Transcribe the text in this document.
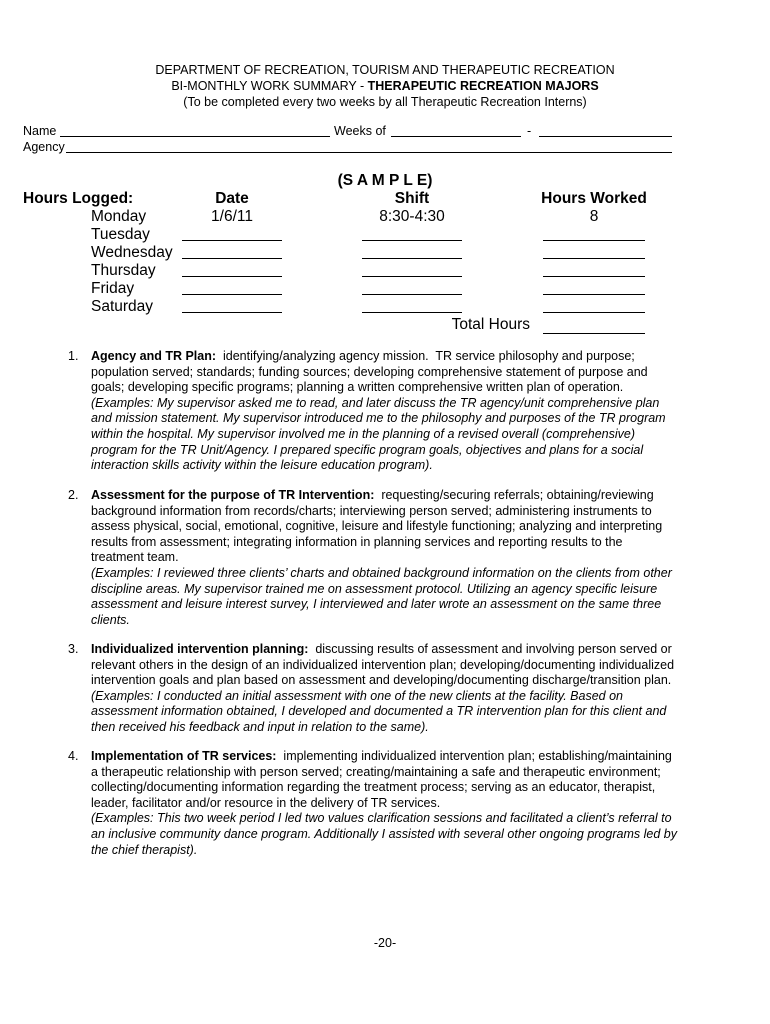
DEPARTMENT OF RECREATION, TOURISM AND THERAPEUTIC RECREATION
BI-MONTHLY WORK SUMMARY - THERAPEUTIC RECREATION MAJORS
(To be completed every two weeks by all Therapeutic Recreation Interns)
Name	Weeks of	-
Agency
(S A M P L E)
Hours Logged:	Date	Shift	Hours Worked
Monday	1/6/11	8:30-4:30	8
Tuesday
Wednesday
Thursday
Friday
Saturday
Total Hours
1. Agency and TR Plan:  identifying/analyzing agency mission.  TR service philosophy and purpose;
population served; standards; funding sources; developing comprehensive statement of purpose and
goals; developing specific programs; planning a written comprehensive written plan of operation.
(Examples: My supervisor asked me to read, and later discuss the TR agency/unit comprehensive plan
and mission statement. My supervisor introduced me to the philosophy and purposes of the TR program
within the hospital. My supervisor involved me in the planning of a revised overall (comprehensive)
program for the TR Unit/Agency. I prepared specific program goals, objectives and plans for a social
interaction skills activity within the leisure education program).
2. Assessment for the purpose of TR Intervention:  requesting/securing referrals; obtaining/reviewing
background information from records/charts; interviewing person served; administering instruments to
assess physical, social, emotional, cognitive, leisure and lifestyle functioning; analyzing and interpreting
results from assessment; integrating information in planning services and reporting results to the
treatment team.
(Examples: I reviewed three clients’ charts and obtained background information on the clients from other
discipline areas. My supervisor trained me on assessment protocol. Utilizing an agency specific leisure
assessment and leisure interest survey, I interviewed and later wrote an assessment on the same three
clients.
3. Individualized intervention planning:  discussing results of assessment and involving person served or
relevant others in the design of an individualized intervention plan; developing/documenting individualized
intervention goals and plan based on assessment and developing/documenting discharge/transition plan.
(Examples: I conducted an initial assessment with one of the new clients at the facility. Based on
assessment information obtained, I developed and documented a TR intervention plan for this client and
then received his feedback and input in relation to the same).
4. Implementation of TR services:  implementing individualized intervention plan; establishing/maintaining
a therapeutic relationship with person served; creating/maintaining a safe and therapeutic environment;
collecting/documenting information regarding the treatment process; serving as an educator, therapist,
leader, facilitator and/or resource in the delivery of TR services.
(Examples: This two week period I led two values clarification sessions and facilitated a client’s referral to
an inclusive community dance program. Additionally I assisted with several other ongoing programs led by
the chief therapist).
-20-
